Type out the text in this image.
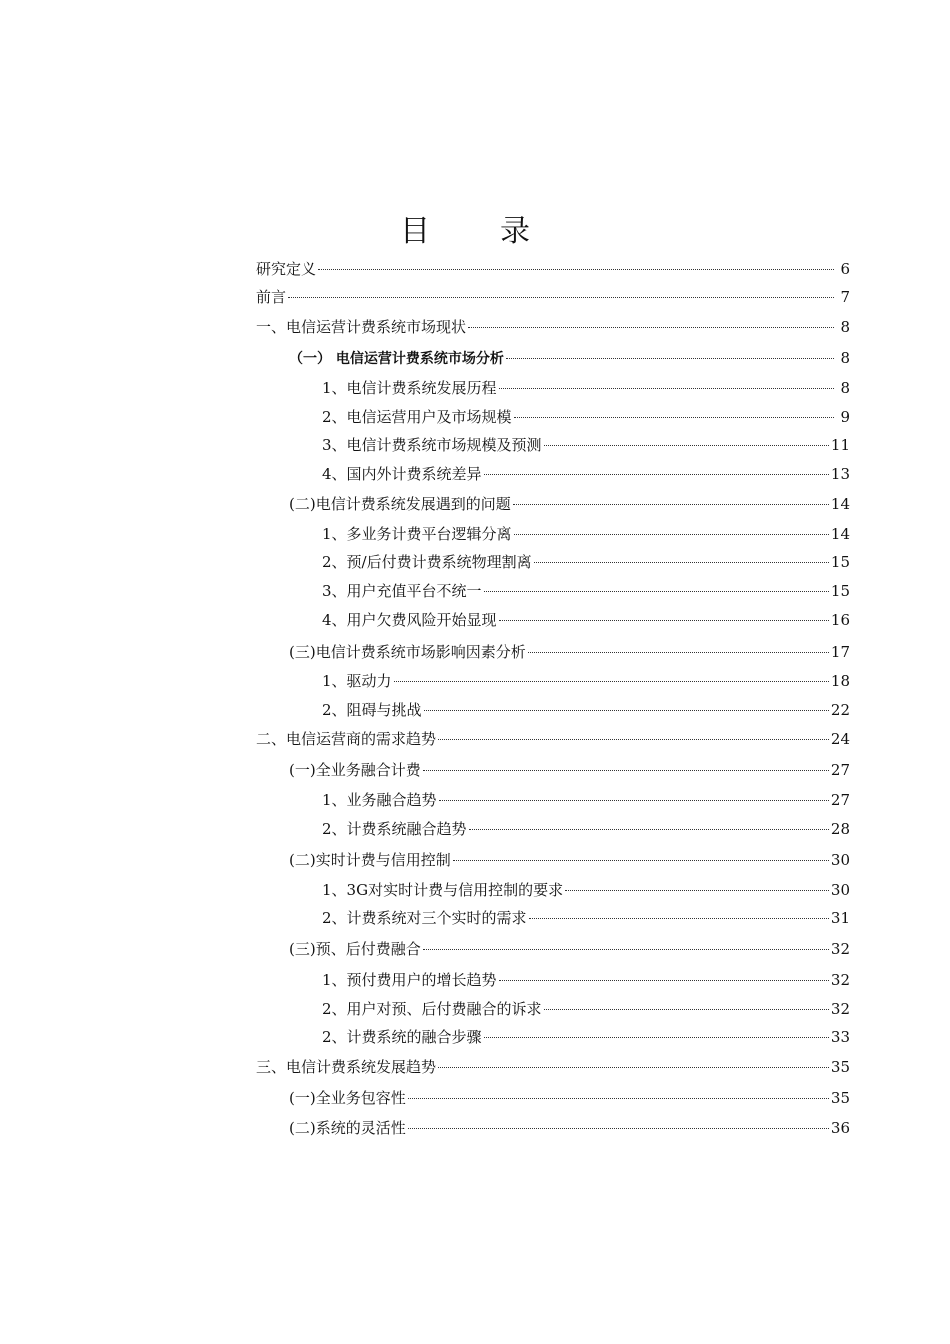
目　录
研究定义	6
前言	7
一、电信运营计费系统市场现状	8
（一） 电信运营计费系统市场分析	8
1、电信计费系统发展历程	8
2、电信运营用户及市场规模	9
3、电信计费系统市场规模及预测	11
4、国内外计费系统差异	13
(二)电信计费系统发展遇到的问题	14
1、多业务计费平台逻辑分离	14
2、预/后付费计费系统物理割离	15
3、用户充值平台不统一	15
4、用户欠费风险开始显现	16
(三)电信计费系统市场影响因素分析	17
1、驱动力	18
2、阻碍与挑战	22
二、电信运营商的需求趋势	24
(一)全业务融合计费	27
1、业务融合趋势	27
2、计费系统融合趋势	28
(二)实时计费与信用控制	30
1、3G对实时计费与信用控制的要求	30
2、计费系统对三个实时的需求	31
(三)预、后付费融合	32
1、预付费用户的增长趋势	32
2、用户对预、后付费融合的诉求	32
2、计费系统的融合步骤	33
三、电信计费系统发展趋势	35
(一)全业务包容性	35
(二)系统的灵活性	36
